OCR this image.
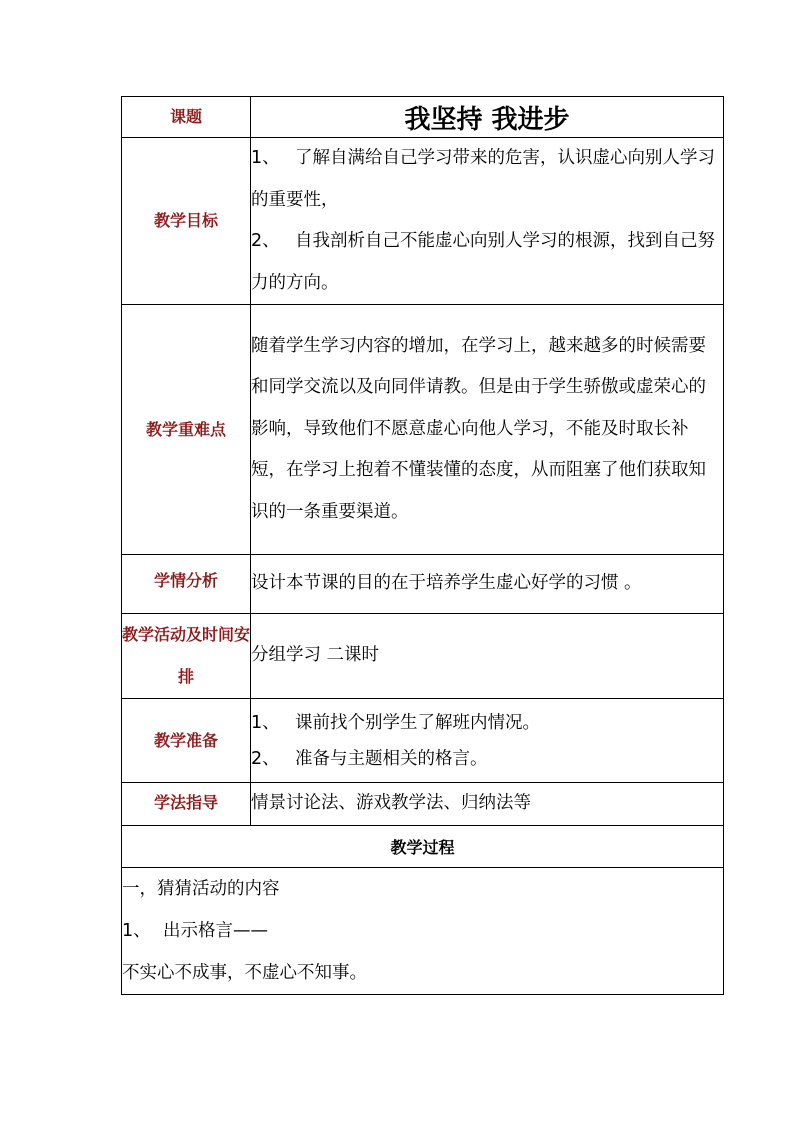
课题	我坚持 我进步
教学目标	1、 了解自满给自己学习带来的危害，认识虚心向别人学习的重要性，

2、 自我剖析自己不能虚心向别人学习的根源，找到自己努力的方向。

教学重难点	随着学生学习内容的增加，在学习上，越来越多的时候需要和同学交流以及向同伴请教。但是由于学生骄傲或虚荣心的影响，导致他们不愿意虚心向他人学习，不能及时取长补短，在学习上抱着不懂装懂的态度，从而阻塞了他们获取知识的一条重要渠道。
学情分析	设计本节课的目的在于培养学生虚心好学的习惯 。
教学活动及时间安排	分组学习 二课时
教学准备	1、 课前找个别学生了解班内情况。

2、 准备与主题相关的格言。

学法指导	情景讨论法、游戏教学法、归纳法等
教学过程	

一，猜猜活动的内容

1、 出示格言——

不实心不成事，不虚心不知事。	
